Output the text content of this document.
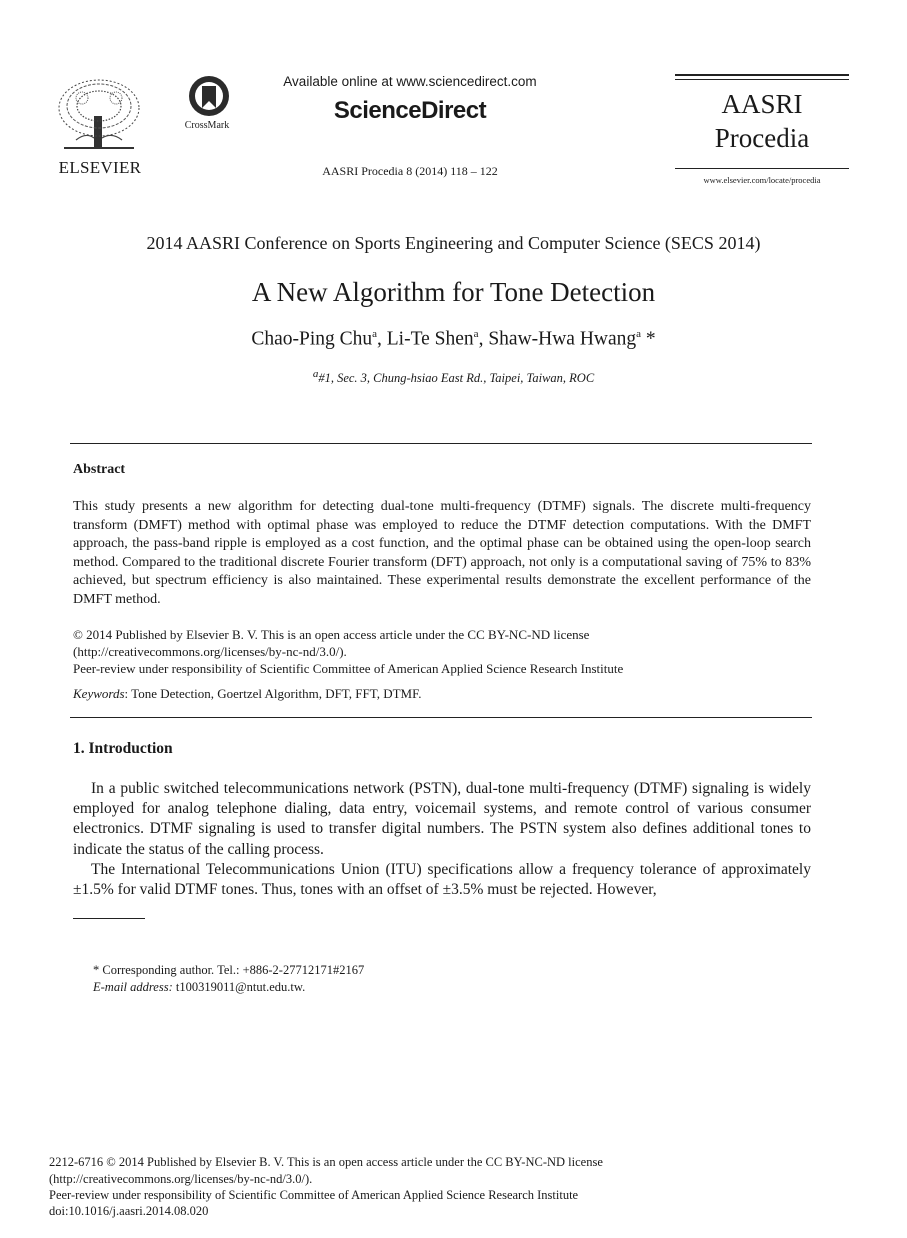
ELSEVIER
CrossMark
Available online at www.sciencedirect.com
ScienceDirect
AASRI Procedia 8 (2014) 118 – 122
AASRI
Procedia
www.elsevier.com/locate/procedia
2014 AASRI Conference on Sports Engineering and Computer Science (SECS 2014)
A New Algorithm for Tone Detection
Chao-Ping Chu$^a$, Li-Te Shen$^a$, Shaw-Hwa Hwang$^a$ *
$^a$#1, Sec. 3, Chung-hsiao East Rd., Taipei, Taiwan, ROC
Abstract
This study presents a new algorithm for detecting dual-tone multi-frequency (DTMF) signals. The discrete multi-frequency transform (DMFT) method with optimal phase was employed to reduce the DTMF detection computations. With the DMFT approach, the pass-band ripple is employed as a cost function, and the optimal phase can be obtained using the open-loop search method. Compared to the traditional discrete Fourier transform (DFT) approach, not only is a computational saving of 75% to 83% achieved, but spectrum efficiency is also maintained. These experimental results demonstrate the excellent performance of the DMFT method.
© 2014 Published by Elsevier B. V. This is an open access article under the CC BY-NC-ND license
(http://creativecommons.org/licenses/by-nc-nd/3.0/).
Peer-review under responsibility of Scientific Committee of American Applied Science Research Institute
Keywords: Tone Detection, Goertzel Algorithm, DFT, FFT, DTMF.
1. Introduction

In a public switched telecommunications network (PSTN), dual-tone multi-frequency (DTMF) signaling is widely employed for analog telephone dialing, data entry, voicemail systems, and remote control of various consumer electronics. DTMF signaling is used to transfer digital numbers. The PSTN system also defines additional tones to indicate the status of the calling process.

The International Telecommunications Union (ITU) specifications allow a frequency tolerance of approximately ±1.5% for valid DTMF tones. Thus, tones with an offset of ±3.5% must be rejected. However,

* Corresponding author. Tel.: +886-2-27712171#2167
E-mail address: t100319011@ntut.edu.tw.
2212-6716 © 2014 Published by Elsevier B. V. This is an open access article under the CC BY-NC-ND license
(http://creativecommons.org/licenses/by-nc-nd/3.0/).
Peer-review under responsibility of Scientific Committee of American Applied Science Research Institute
doi:10.1016/j.aasri.2014.08.020
